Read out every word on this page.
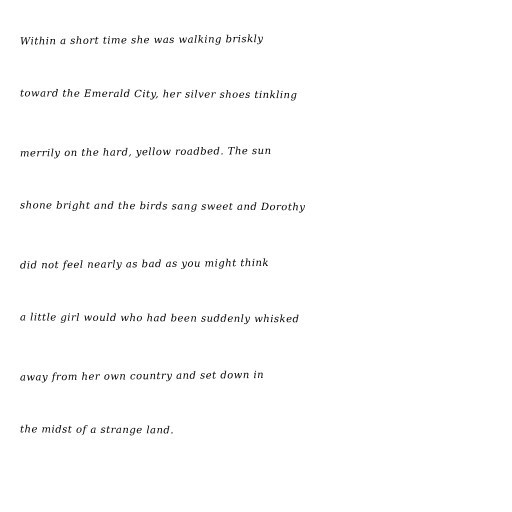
Within a short time she was walking briskly
toward the Emerald City, her silver shoes tinkling
merrily on the hard, yellow roadbed. The sun
shone bright and the birds sang sweet and Dorothy
did not feel nearly as bad as you might think
a little girl would who had been suddenly whisked
away from her own country and set down in
the midst of a strange land.
